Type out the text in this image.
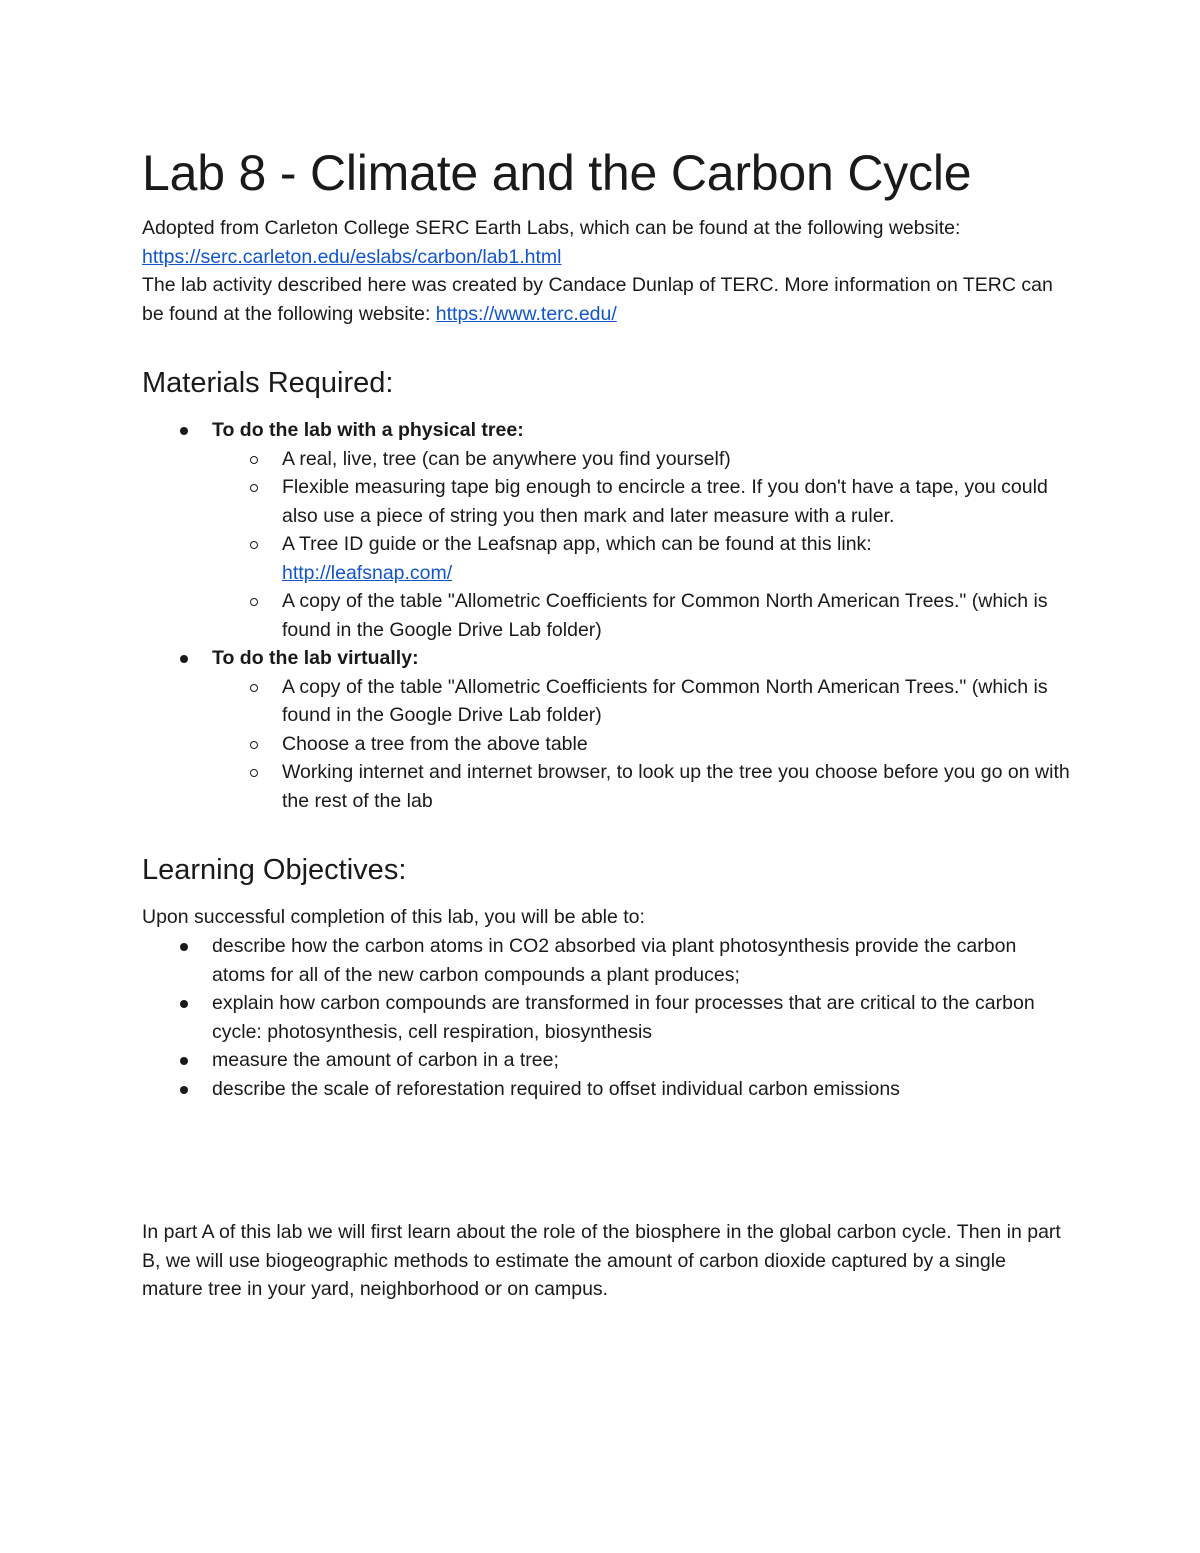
Lab 8 - Climate and the Carbon Cycle

Adopted from Carleton College SERC Earth Labs, which can be found at the following website:
https://serc.carleton.edu/eslabs/carbon/lab1.html

The lab activity described here was created by Candace Dunlap of TERC. More information on TERC can be found at the following website: https://www.terc.edu/

Materials Required:
To do the lab with a physical tree:
A real, live, tree (can be anywhere you find yourself)
Flexible measuring tape big enough to encircle a tree. If you don't have a tape, you could also use a piece of string you then mark and later measure with a ruler.
A Tree ID guide or the Leafsnap app, which can be found at this link:
http://leafsnap.com/
A copy of the table "Allometric Coefficients for Common North American Trees." (which is found in the Google Drive Lab folder)
To do the lab virtually:
A copy of the table "Allometric Coefficients for Common North American Trees." (which is found in the Google Drive Lab folder)
Choose a tree from the above table
Working internet and internet browser, to look up the tree you choose before you go on with the rest of the lab
Learning Objectives:

Upon successful completion of this lab, you will be able to:

describe how the carbon atoms in CO2 absorbed via plant photosynthesis provide the carbon atoms for all of the new carbon compounds a plant produces;
explain how carbon compounds are transformed in four processes that are critical to the carbon cycle: photosynthesis, cell respiration, biosynthesis
measure the amount of carbon in a tree;
describe the scale of reforestation required to offset individual carbon emissions

In part A of this lab we will first learn about the role of the biosphere in the global carbon cycle. Then in part B, we will use biogeographic methods to estimate the amount of carbon dioxide captured by a single mature tree in your yard, neighborhood or on campus.
